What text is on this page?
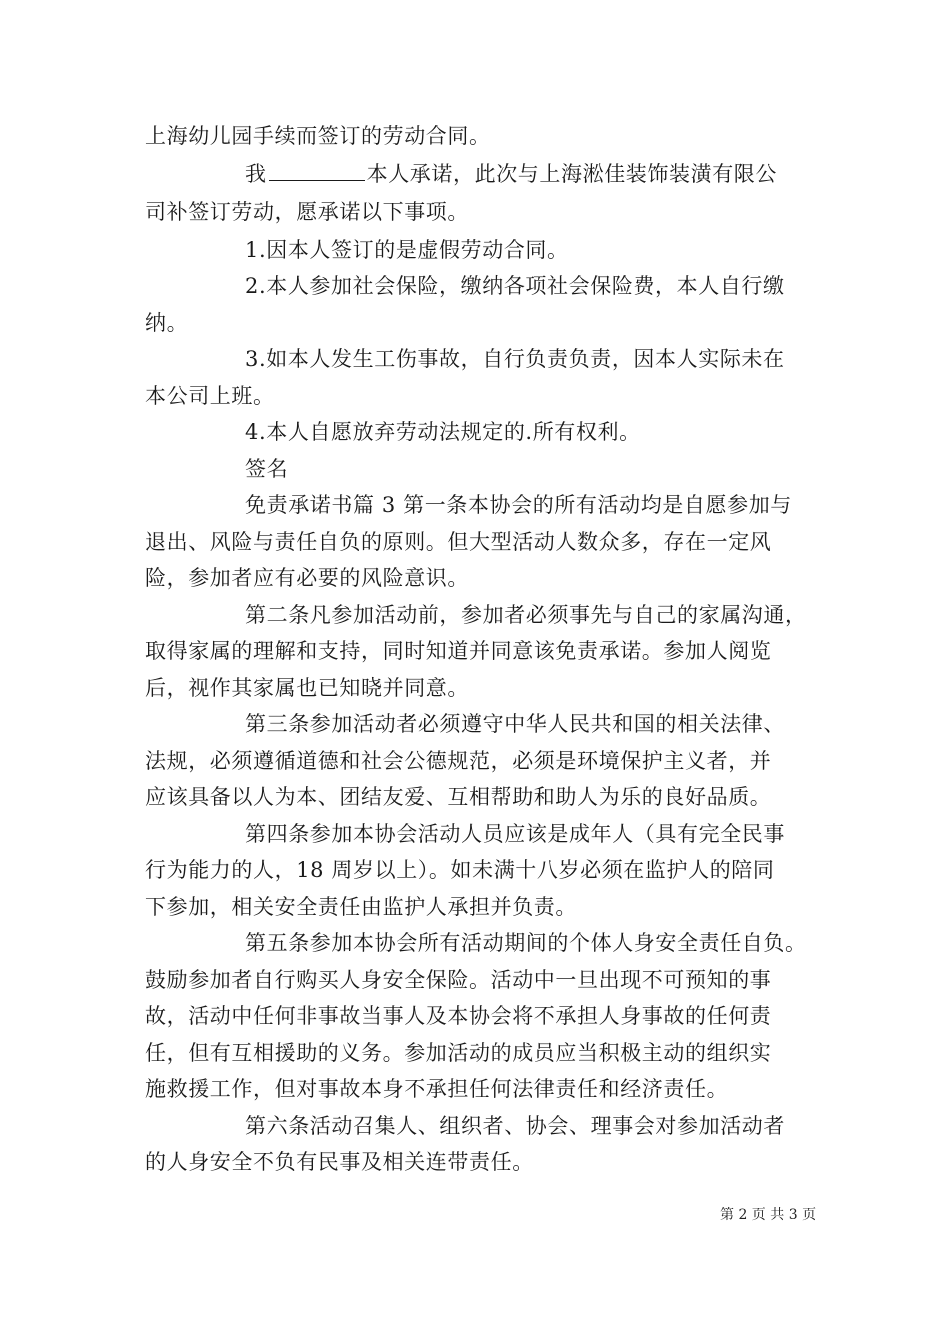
上海幼儿园手续而签订的劳动合同。
我	本人承诺，此次与上海淞佳装饰装潢有限公
司补签订劳动，愿承诺以下事项。
1.因本人签订的是虚假劳动合同。
2.本人参加社会保险，缴纳各项社会保险费，本人自行缴
纳。
3.如本人发生工伤事故，自行负责负责，因本人实际未在
本公司上班。
4.本人自愿放弃劳动法规定的.所有权利。
签名
免责承诺书篇 3 第一条本协会的所有活动均是自愿参加与
退出、风险与责任自负的原则。但大型活动人数众多，存在一定风
险，参加者应有必要的风险意识。
第二条凡参加活动前，参加者必须事先与自己的家属沟通，
取得家属的理解和支持，同时知道并同意该免责承诺。参加人阅览
后，视作其家属也已知晓并同意。
第三条参加活动者必须遵守中华人民共和国的相关法律、
法规，必须遵循道德和社会公德规范，必须是环境保护主义者，并
应该具备以人为本、团结友爱、互相帮助和助人为乐的良好品质。
第四条参加本协会活动人员应该是成年人（具有完全民事
行为能力的人，18 周岁以上）。如未满十八岁必须在监护人的陪同
下参加，相关安全责任由监护人承担并负责。
第五条参加本协会所有活动期间的个体人身安全责任自负。
鼓励参加者自行购买人身安全保险。活动中一旦出现不可预知的事
故，活动中任何非事故当事人及本协会将不承担人身事故的任何责
任，但有互相援助的义务。参加活动的成员应当积极主动的组织实
施救援工作，但对事故本身不承担任何法律责任和经济责任。
第六条活动召集人、组织者、协会、理事会对参加活动者
的人身安全不负有民事及相关连带责任。
第 2 页 共 3 页
